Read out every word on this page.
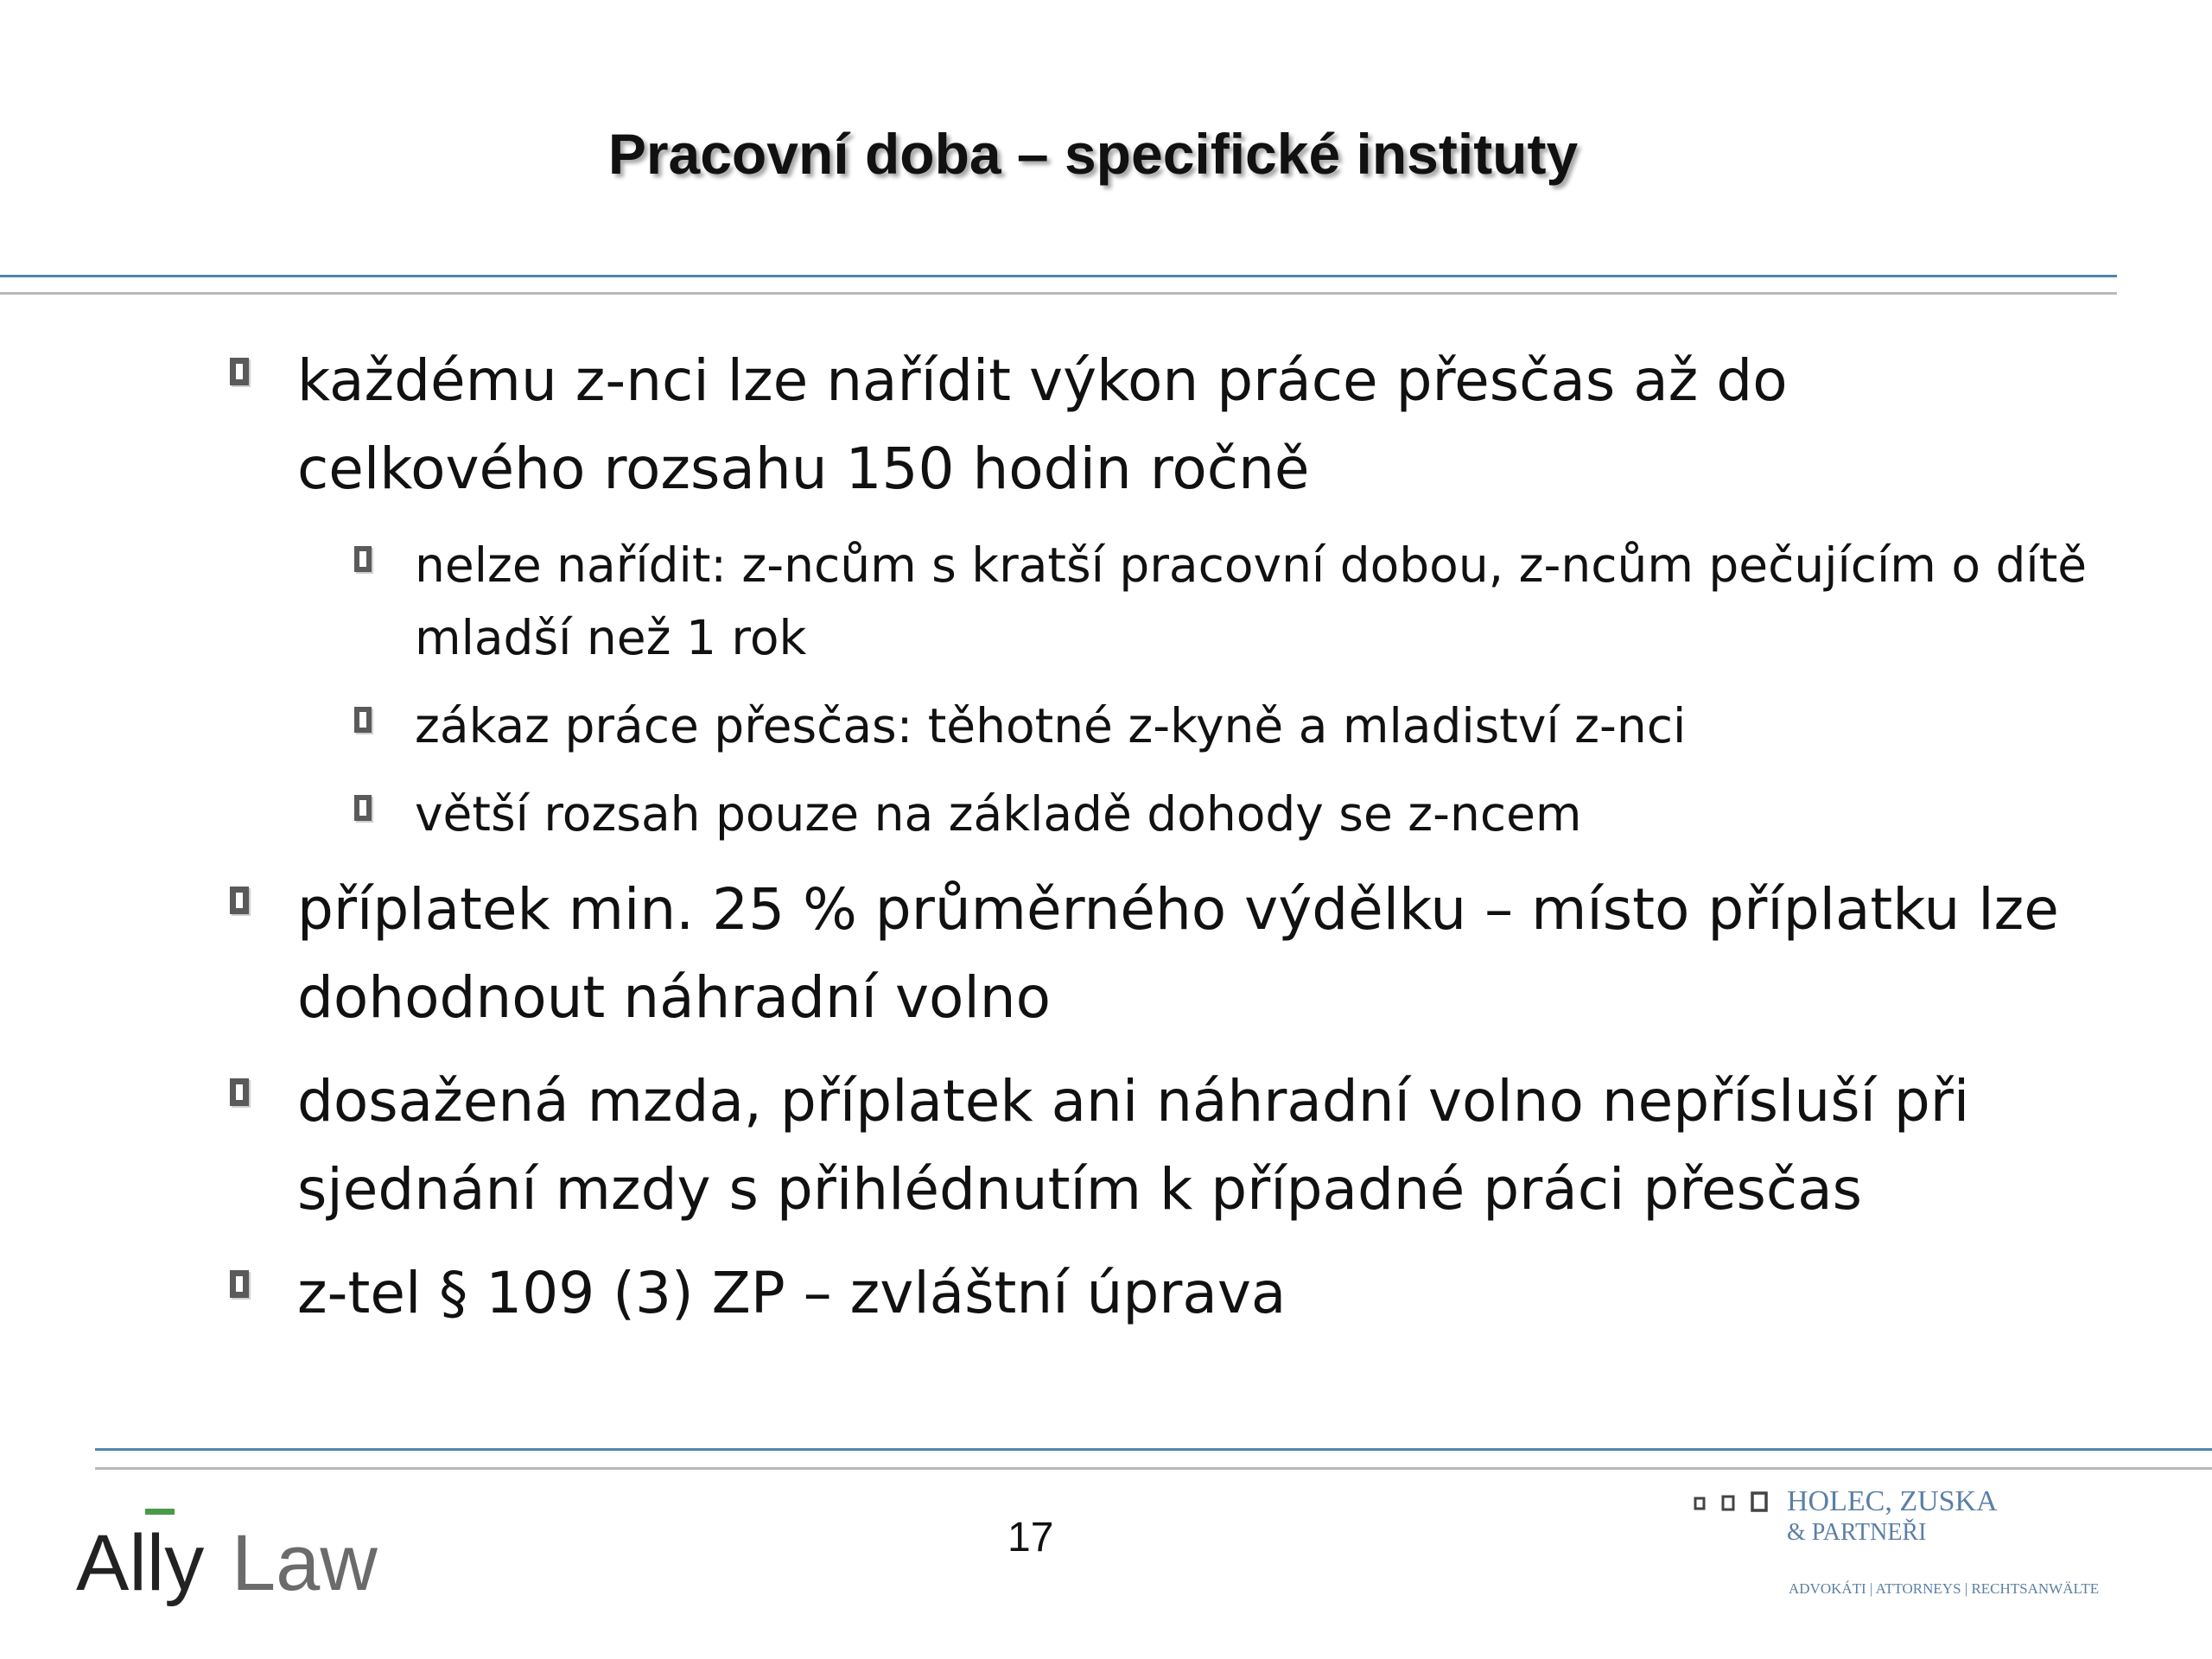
Pracovní doba – specifické instituty
každému z-nci lze nařídit výkon práce přesčas až do celkového rozsahu 150 hodin ročně
nelze nařídit: z-ncům s kratší pracovní dobou, z-ncům pečujícím o dítě mladší než 1 rok
zákaz práce přesčas: těhotné z-kyně a mladiství z-nci
větší rozsah pouze na základě dohody se z-ncem
příplatek min. 25 % průměrného výdělku – místo příplatku lze dohodnout náhradní volno
dosažená mzda, příplatek ani náhradní volno nepřísluší při sjednání mzdy s přihlédnutím k případné práci přesčas
z-tel § 109 (3) ZP – zvláštní úprava
17
Ally Law
HOLEC, ZUSKA
& PARTNEŘI
ADVOKÁTI | ATTORNEYS | RECHTSANWÄLTE
